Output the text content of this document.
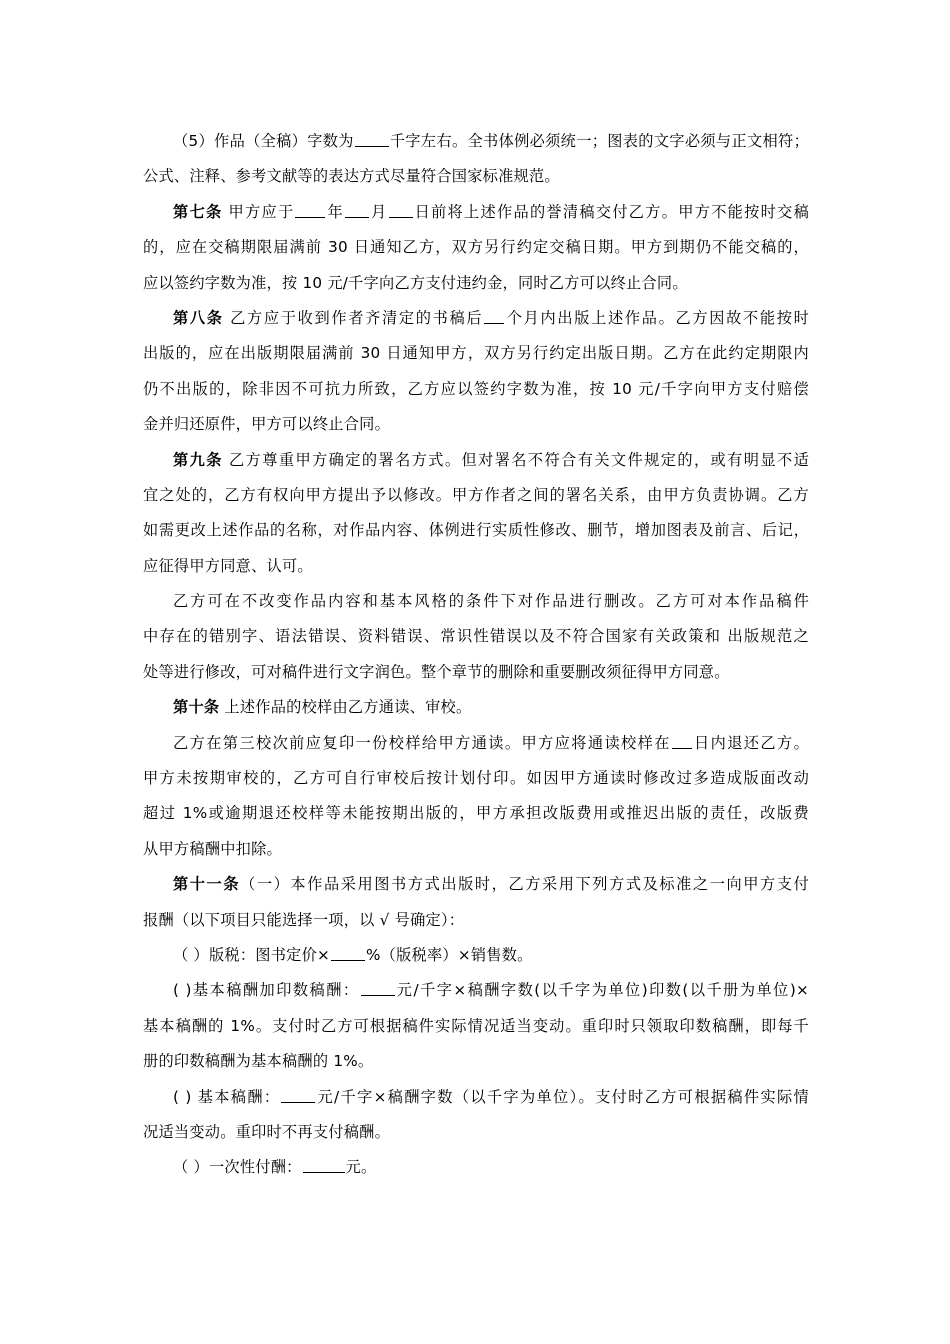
（5）作品（全稿）字数为 千字左右。全书体例必须统一；图表的文字必须与正文相符；
公式、注释、参考文献等的表达方式尽量符合国家标准规范。
第七条 甲方应于 年 月 日前将上述作品的誉清稿交付乙方。甲方不能按时交稿
的，应在交稿期限届满前 30 日通知乙方，双方另行约定交稿日期。甲方到期仍不能交稿的，
应以签约字数为准，按 10 元/千字向乙方支付违约金，同时乙方可以终止合同。
第八条 乙方应于收到作者齐清定的书稿后 个月内出版上述作品。乙方因故不能按时
出版的，应在出版期限届满前 30 日通知甲方，双方另行约定出版日期。乙方在此约定期限内
仍不出版的，除非因不可抗力所致，乙方应以签约字数为准，按 10 元/千字向甲方支付赔偿
金并归还原件，甲方可以终止合同。
第九条 乙方尊重甲方确定的署名方式。但对署名不符合有关文件规定的，或有明显不适
宜之处的，乙方有权向甲方提出予以修改。甲方作者之间的署名关系，由甲方负责协调。乙方
如需更改上述作品的名称，对作品内容、体例进行实质性修改、删节，增加图表及前言、后记，
应征得甲方同意、认可。
乙方可在不改变作品内容和基本风格的条件下对作品进行删改。乙方可对本作品稿件
中存在的错别字、语法错误、资料错误、常识性错误以及不符合国家有关政策和 出版规范之
处等进行修改，可对稿件进行文字润色。整个章节的删除和重要删改须征得甲方同意。
第十条 上述作品的校样由乙方通读、审校。
乙方在第三校次前应复印一份校样给甲方通读。甲方应将通读校样在 日内退还乙方。
甲方未按期审校的，乙方可自行审校后按计划付印。如因甲方通读时修改过多造成版面改动
超过 1%或逾期退还校样等未能按期出版的，甲方承担改版费用或推迟出版的责任，改版费
从甲方稿酬中扣除。
第十一条（一）本作品采用图书方式出版时，乙方采用下列方式及标准之一向甲方支付
报酬（以下项目只能选择一项，以 √ 号确定）：
（ ）版税：图书定价× %（版税率）×销售数。
( )基本稿酬加印数稿酬： 元/千字×稿酬字数(以千字为单位)印数(以千册为单位)×
基本稿酬的 1%。支付时乙方可根据稿件实际情况适当变动。重印时只领取印数稿酬，即每千
册的印数稿酬为基本稿酬的 1%。
( ) 基本稿酬： 元/千字×稿酬字数（以千字为单位）。支付时乙方可根据稿件实际情
况适当变动。重印时不再支付稿酬。
（ ）一次性付酬：	元。
